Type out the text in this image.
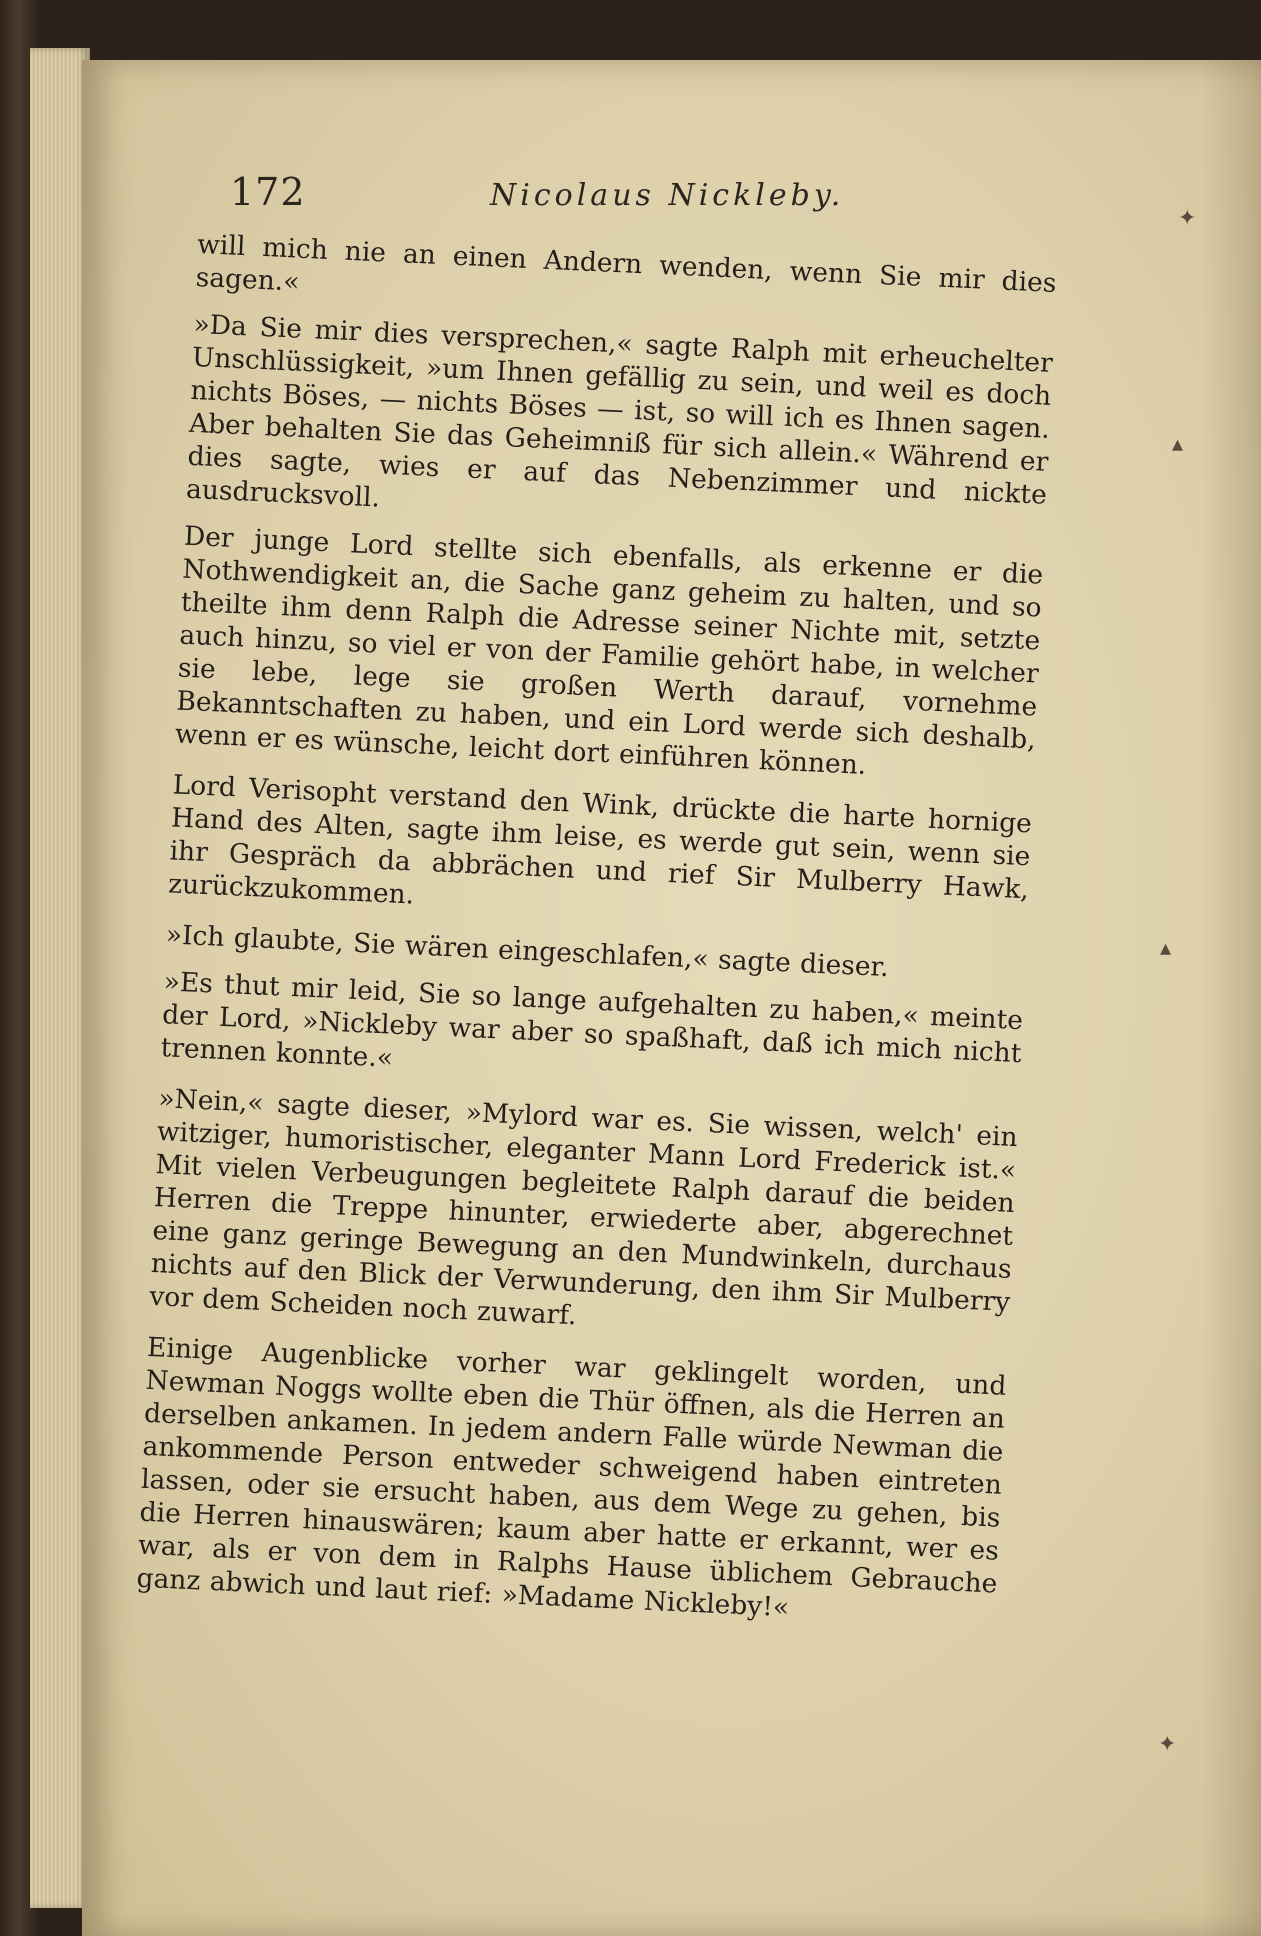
172	Nicolaus Nickleby.

will mich nie an einen Andern wenden, wenn Sie mir dies sagen.«

»Da Sie mir dies versprechen,« sagte Ralph mit erheuchelter Unschlüssigkeit, »um Ihnen gefällig zu sein, und weil es doch nichts Böses, — nichts Böses — ist, so will ich es Ihnen sagen. Aber behalten Sie das Geheimniß für sich allein.« Während er dies sagte, wies er auf das Nebenzimmer und nickte ausdrucksvoll.

Der junge Lord stellte sich ebenfalls, als erkenne er die Nothwendigkeit an, die Sache ganz geheim zu halten, und so theilte ihm denn Ralph die Adresse seiner Nichte mit, setzte auch hinzu, so viel er von der Familie gehört habe, in welcher sie lebe, lege sie großen Werth darauf, vornehme Bekanntschaften zu haben, und ein Lord werde sich deshalb, wenn er es wünsche, leicht dort einführen können.

Lord Verisopht verstand den Wink, drückte die harte hornige Hand des Alten, sagte ihm leise, es werde gut sein, wenn sie ihr Gespräch da abbrächen und rief Sir Mulberry Hawk, zurückzukommen.

»Ich glaubte, Sie wären eingeschlafen,« sagte dieser.

»Es thut mir leid, Sie so lange aufgehalten zu haben,« meinte der Lord, »Nickleby war aber so spaßhaft, daß ich mich nicht trennen konnte.«

»Nein,« sagte dieser, »Mylord war es. Sie wissen, welch' ein witziger, humoristischer, eleganter Mann Lord Frederick ist.« Mit vielen Verbeugungen begleitete Ralph darauf die beiden Herren die Treppe hinunter, erwiederte aber, abgerechnet eine ganz geringe Bewegung an den Mundwinkeln, durchaus nichts auf den Blick der Verwunderung, den ihm Sir Mulberry vor dem Scheiden noch zuwarf.

Einige Augenblicke vorher war geklingelt worden, und Newman Noggs wollte eben die Thür öffnen, als die Herren an derselben ankamen. In jedem andern Falle würde Newman die ankommende Person entweder schweigend haben eintreten lassen, oder sie ersucht haben, aus dem Wege zu gehen, bis die Herren hinauswären; kaum aber hatte er erkannt, wer es war, als er von dem in Ralphs Hause üblichem Gebrauche ganz abwich und laut rief: »Madame Nickleby!«

✦
▴
▴
✦
